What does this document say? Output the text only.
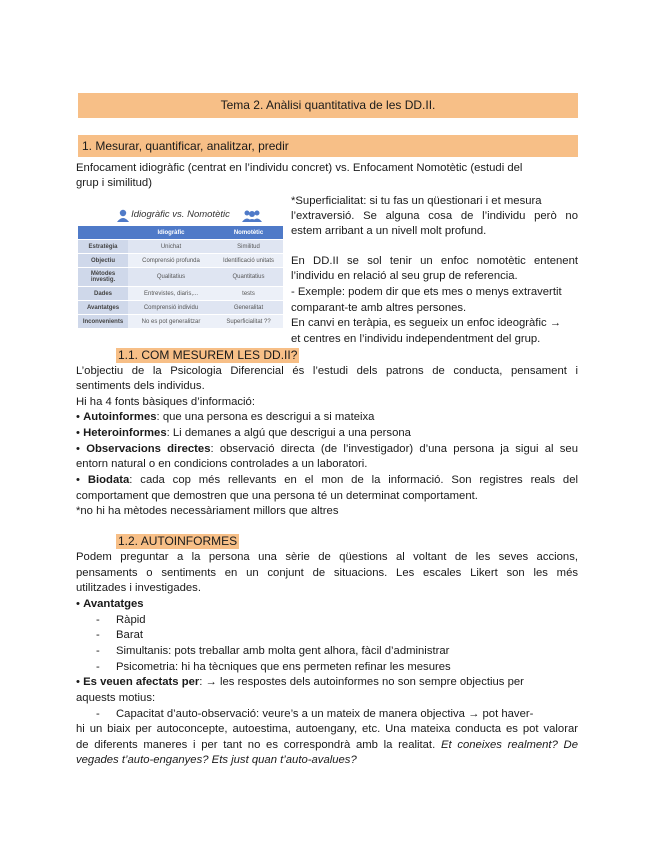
Tema 2. Anàlisi quantitativa de les DD.II.
1. Mesurar, quantificar, analitzar, predir
Enfocament idiogràfic (centrat en l’individu concret) vs. Enfocament Nomotètic (estudi del
grup i similitud)
Idiogràfic vs. Nomotètic
	Idiogràfic	Nomotètic
Estratègia	Unichat	Similitud
Objectiu	Comprensió profunda	Identificació unitats
Mètodes investig.	Qualitatius	Quantitatius
Dades	Entrevistes, diaris,...	tests
Avantatges	Comprensió individu	Generalitat
Inconvenients	No es pot generalitzar	Superficialitat ??
*Superficialitat: si tu fas un qüestionari i et mesura
l’extraversió. Se alguna cosa de l’individu però no
estem arribant a un nivell molt profund.
En DD.II se sol tenir un enfoc nomotètic entenent
l’individu en relació al seu grup de referencia.
- Exemple: podem dir que ets mes o menys extravertit
comparant-te amb altres persones.
En canvi en teràpia, es segueix un enfoc ideogràfic →
et centres en l’individu independentment del grup.
1.1. COM MESUREM LES DD.II?
L’objectiu de la Psicologia Diferencial és l’estudi dels patrons de conducta, pensament i
sentiments dels individus.
Hi ha 4 fonts bàsiques d’informació:
• Autoinformes: que una persona es descrigui a si mateixa
• Heteroinformes: Li demanes a algú que descrigui a una persona
• Observacions directes: observació directa (de l’investigador) d’una persona ja sigui al seu
entorn natural o en condicions controlades a un laboratori.
• Biodata: cada cop més rellevants en el mon de la informació. Son registres reals del
comportament que demostren que una persona té un determinat comportament.
*no hi ha mètodes necessàriament millors que altres
1.2. AUTOINFORMES
Podem preguntar a la persona una sèrie de qüestions al voltant de les seves accions,
pensaments o sentiments en un conjunt de situacions. Les escales Likert son les més
utilitzades i investigades.
• Avantatges
- Ràpid
- Barat
- Simultanis: pots treballar amb molta gent alhora, fàcil d’administrar
- Psicometria: hi ha tècniques que ens permeten refinar les mesures
• Es veuen afectats per: → les respostes dels autoinformes no son sempre objectius per
aquests motius:
- Capacitat d’auto-observació: veure’s a un mateix de manera objectiva → pot haver-
hi un biaix per autoconcepte, autoestima, autoengany, etc. Una mateixa conducta es pot valorar
de diferents maneres i per tant no es correspondrà amb la realitat. Et coneixes realment? De
vegades t’auto-enganyes? Ets just quan t’auto-avalues?
